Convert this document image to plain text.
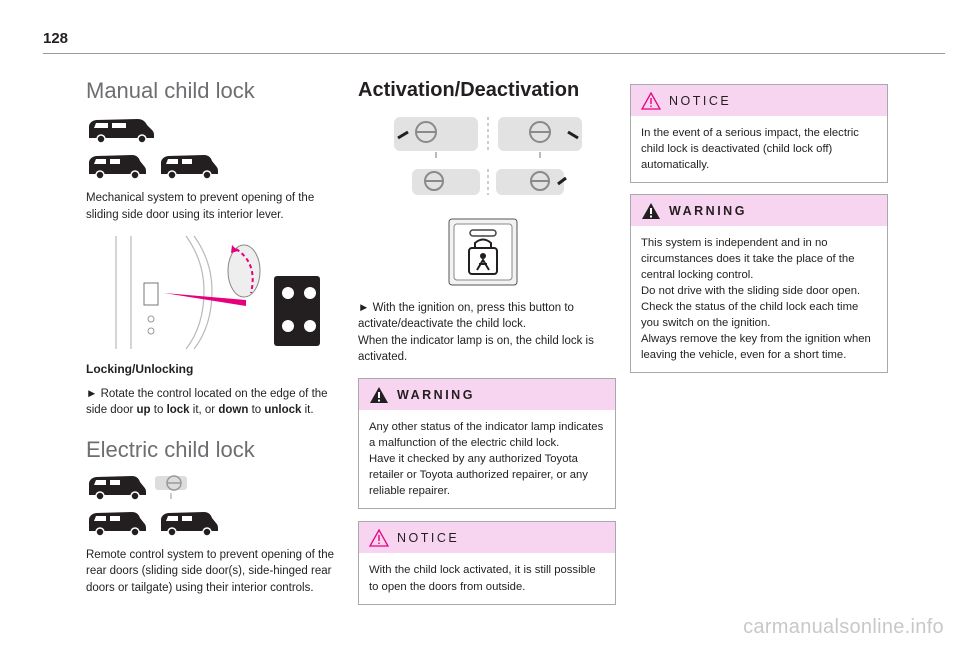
128
Manual child lock

Mechanical system to prevent opening of the sliding side door using its interior lever.

Locking/Unlocking

► Rotate the control located on the edge of the side door up to lock it, or down to unlock it.

Electric child lock

Remote control system to prevent opening of the rear doors (sliding side door(s), side-hinged rear doors or tailgate) using their interior controls.

Activation/Deactivation

► With the ignition on, press this button to activate/deactivate the child lock.

When the indicator lamp is on, the child lock is activated.

WARNING

Any other status of the indicator lamp indicates a malfunction of the electric child lock.

Have it checked by any authorized Toyota retailer or Toyota authorized repairer, or any reliable repairer.

NOTICE

With the child lock activated, it is still possible to open the doors from outside.

NOTICE

In the event of a serious impact, the electric child lock is deactivated (child lock off) automatically.

WARNING

This system is independent and in no circumstances does it take the place of the central locking control.

Do not drive with the sliding side door open.

Check the status of the child lock each time you switch on the ignition.

Always remove the key from the ignition when leaving the vehicle, even for a short time.

carmanualsonline.info
